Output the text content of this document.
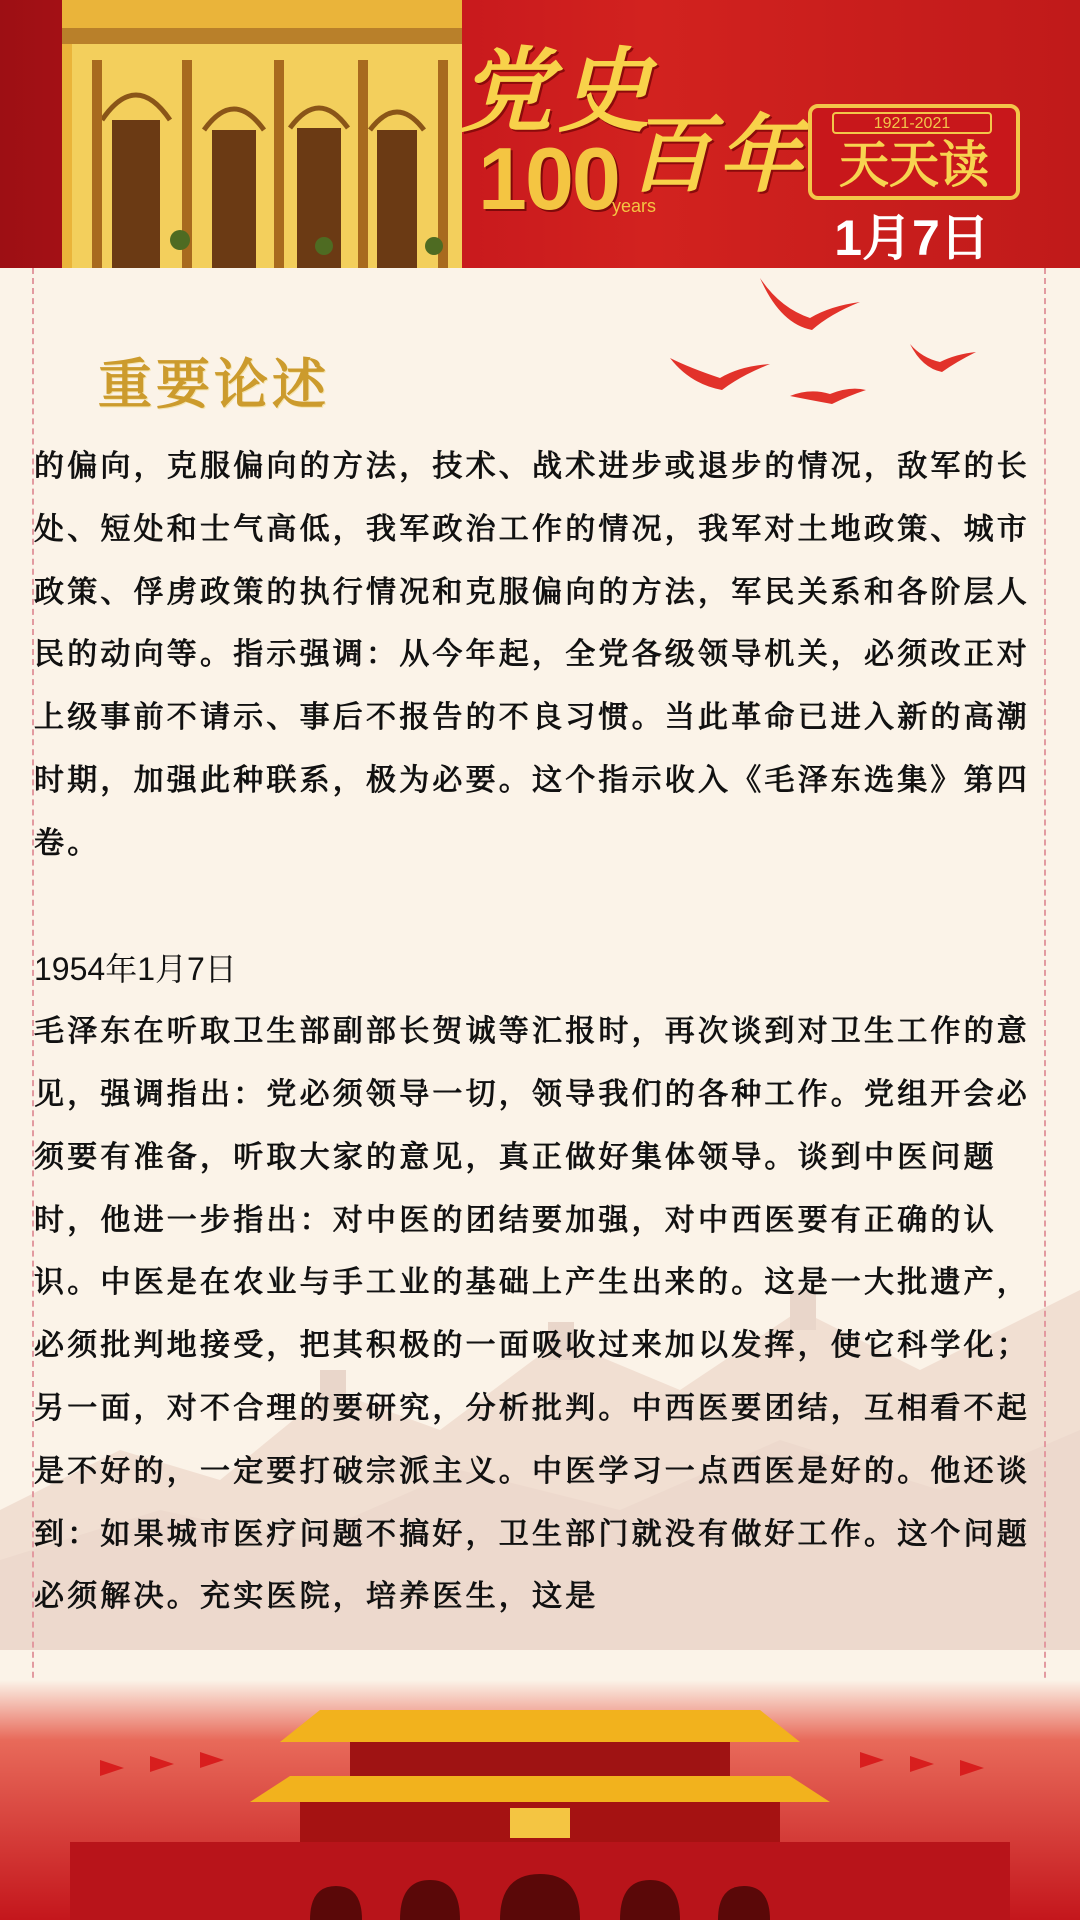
党史
100
years
百年	1921-2021
天天读
1月7日
重要论述
的偏向，克服偏向的方法，技术、战术进步或退步的情况，敌军的长处、短处和士气高低，我军政治工作的情况，我军对土地政策、城市政策、俘虏政策的执行情况和克服偏向的方法，军民关系和各阶层人民的动向等。指示强调：从今年起，全党各级领导机关，必须改正对上级事前不请示、事后不报告的不良习惯。当此革命已进入新的高潮时期，加强此种联系，极为必要。这个指示收入《毛泽东选集》第四卷。
1954年1月7日
毛泽东在听取卫生部副部长贺诚等汇报时，再次谈到对卫生工作的意见，强调指出：党必须领导一切，领导我们的各种工作。党组开会必须要有准备，听取大家的意见，真正做好集体领导。谈到中医问题时，他进一步指出：对中医的团结要加强，对中西医要有正确的认识。中医是在农业与手工业的基础上产生出来的。这是一大批遗产，必须批判地接受，把其积极的一面吸收过来加以发挥，使它科学化；另一面，对不合理的要研究，分析批判。中西医要团结，互相看不起是不好的，一定要打破宗派主义。中医学习一点西医是好的。他还谈到：如果城市医疗问题不搞好，卫生部门就没有做好工作。这个问题必须解决。充实医院，培养医生，这是
